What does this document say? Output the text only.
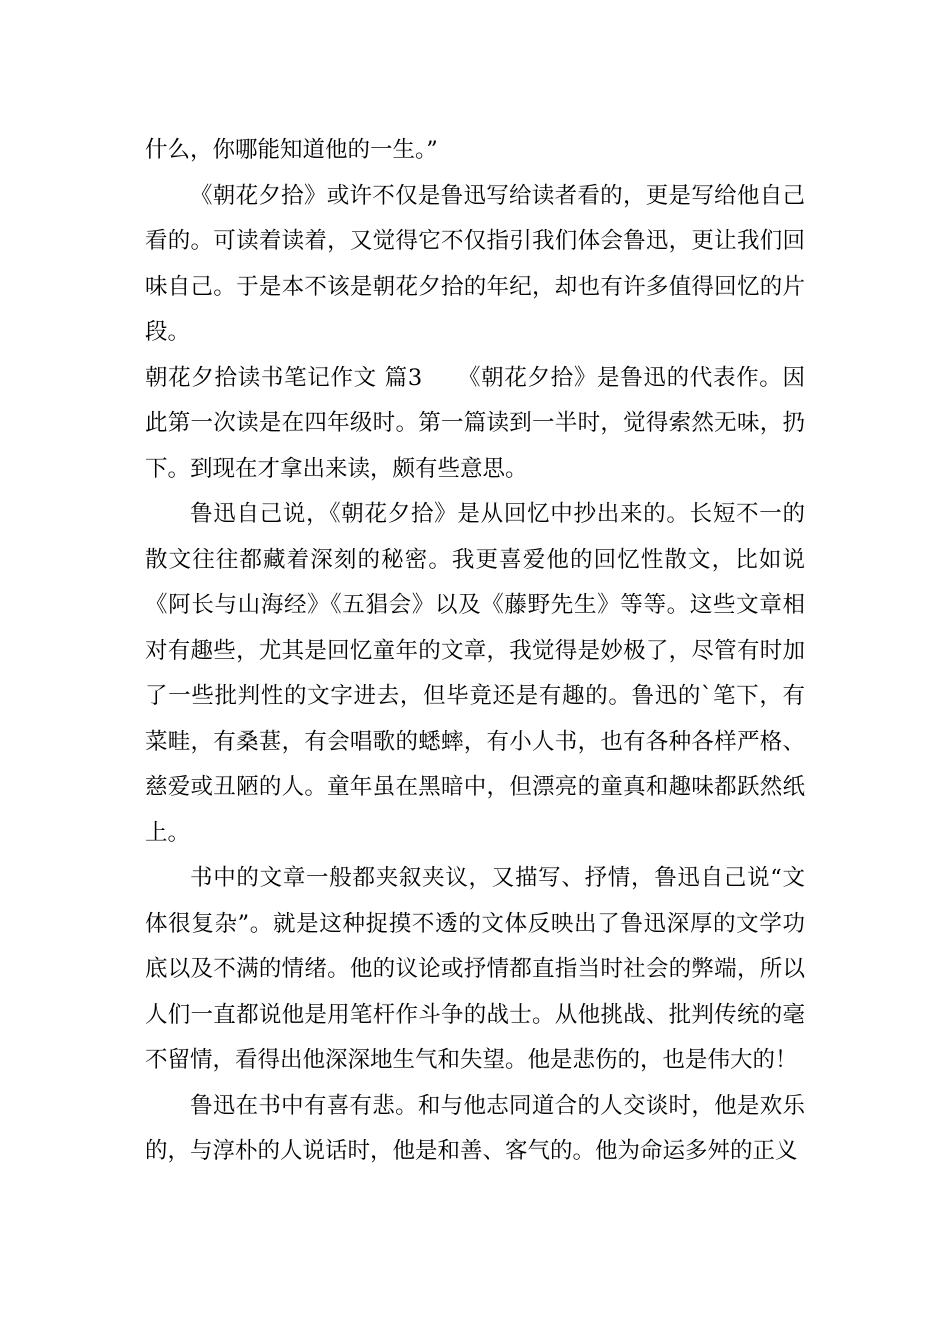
什么，你哪能知道他的一生。”

《朝花夕拾》或许不仅是鲁迅写给读者看的，更是写给他自己看的。可读着读着，又觉得它不仅指引我们体会鲁迅，更让我们回味自己。于是本不该是朝花夕拾的年纪，却也有许多值得回忆的片段。

朝花夕拾读书笔记作文 篇3　　《朝花夕拾》是鲁迅的代表作。因此第一次读是在四年级时。第一篇读到一半时，觉得索然无味，扔下。到现在才拿出来读，颇有些意思。

鲁迅自己说，《朝花夕拾》是从回忆中抄出来的。长短不一的散文往往都藏着深刻的秘密。我更喜爱他的回忆性散文，比如说《阿长与山海经》《五猖会》以及《藤野先生》等等。这些文章相对有趣些，尤其是回忆童年的文章，我觉得是妙极了，尽管有时加了一些批判性的文字进去，但毕竟还是有趣的。鲁迅的`笔下，有菜畦，有桑葚，有会唱歌的蟋蟀，有小人书，也有各种各样严格、慈爱或丑陋的人。童年虽在黑暗中，但漂亮的童真和趣味都跃然纸上。

书中的文章一般都夹叙夹议，又描写、抒情，鲁迅自己说“文体很复杂”。就是这种捉摸不透的文体反映出了鲁迅深厚的文学功底以及不满的情绪。他的议论或抒情都直指当时社会的弊端，所以人们一直都说他是用笔杆作斗争的战士。从他挑战、批判传统的毫不留情，看得出他深深地生气和失望。他是悲伤的，也是伟大的！

鲁迅在书中有喜有悲。和与他志同道合的人交谈时，他是欢乐的，与淳朴的人说话时，他是和善、客气的。他为命运多舛的正义
